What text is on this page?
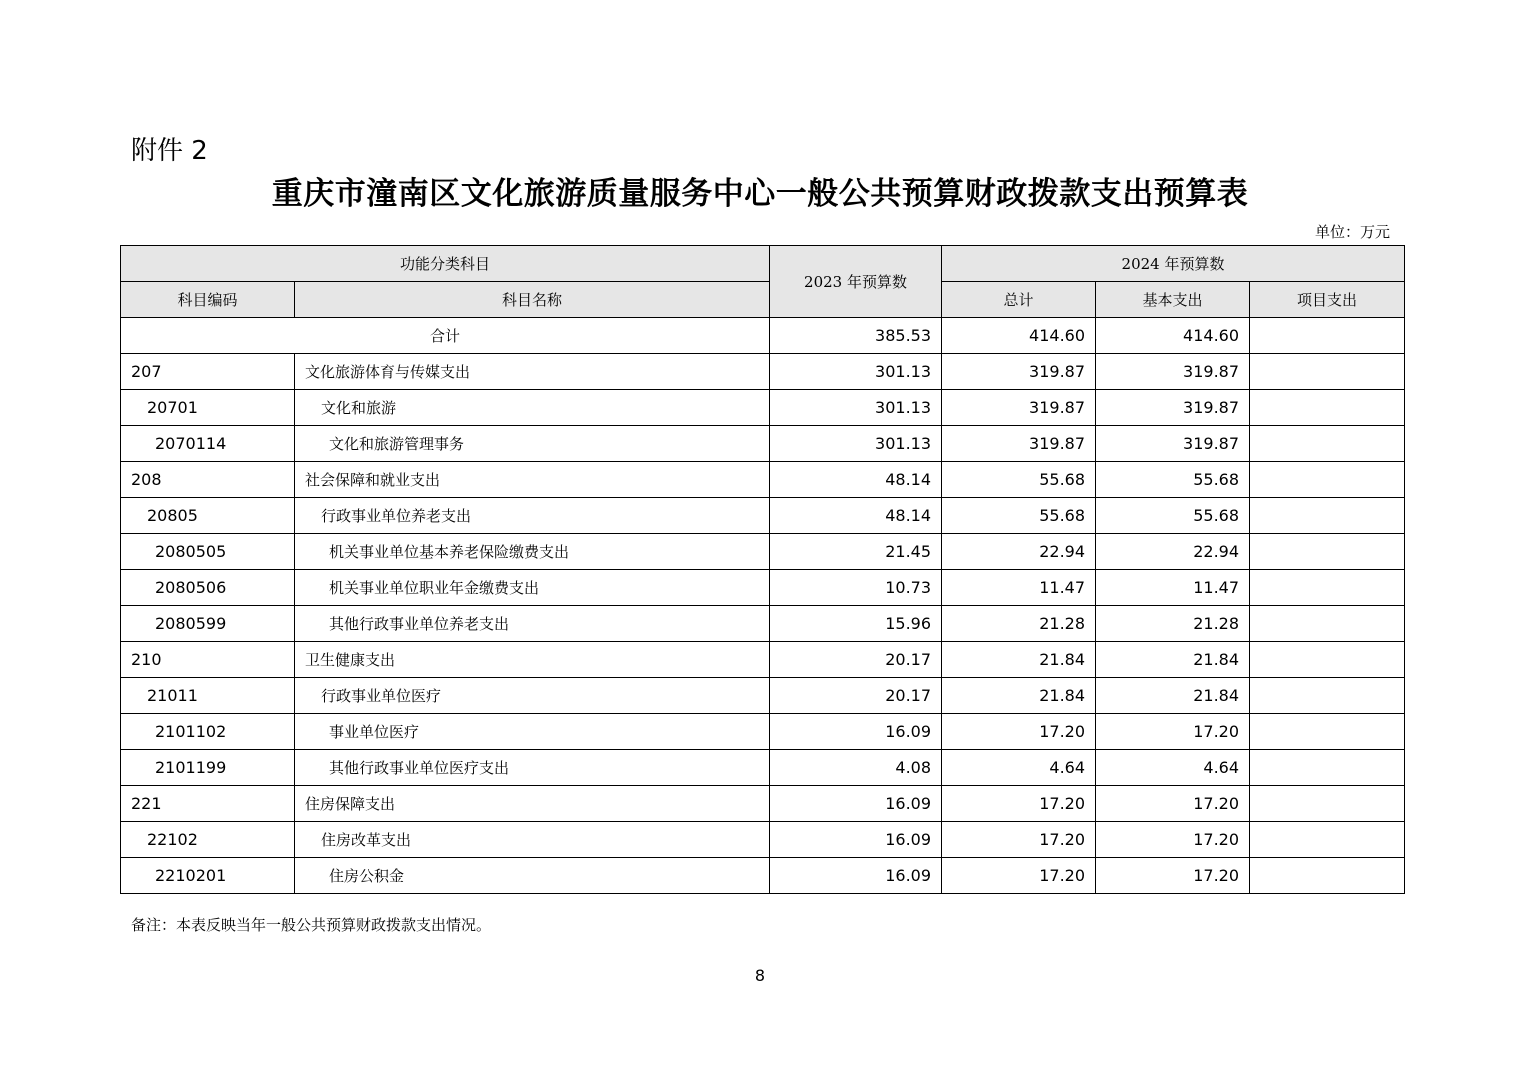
附件 2
重庆市潼南区文化旅游质量服务中心一般公共预算财政拨款支出预算表
单位：万元
功能分类科目		2023 年预算数	2024 年预算数		
科目编码	科目名称		总计	基本支出	项目支出
合计		385.53	414.60	414.60	
207	文化旅游体育与传媒支出	301.13	319.87	319.87	
20701	文化和旅游	301.13	319.87	319.87	
2070114	文化和旅游管理事务	301.13	319.87	319.87	
208	社会保障和就业支出	48.14	55.68	55.68	
20805	行政事业单位养老支出	48.14	55.68	55.68	
2080505	机关事业单位基本养老保险缴费支出	21.45	22.94	22.94	
2080506	机关事业单位职业年金缴费支出	10.73	11.47	11.47	
2080599	其他行政事业单位养老支出	15.96	21.28	21.28	
210	卫生健康支出	20.17	21.84	21.84	
21011	行政事业单位医疗	20.17	21.84	21.84	
2101102	事业单位医疗	16.09	17.20	17.20	
2101199	其他行政事业单位医疗支出	4.08	4.64	4.64	
221	住房保障支出	16.09	17.20	17.20	
22102	住房改革支出	16.09	17.20	17.20	
2210201	住房公积金	16.09	17.20	17.20	
备注：本表反映当年一般公共预算财政拨款支出情况。
8
